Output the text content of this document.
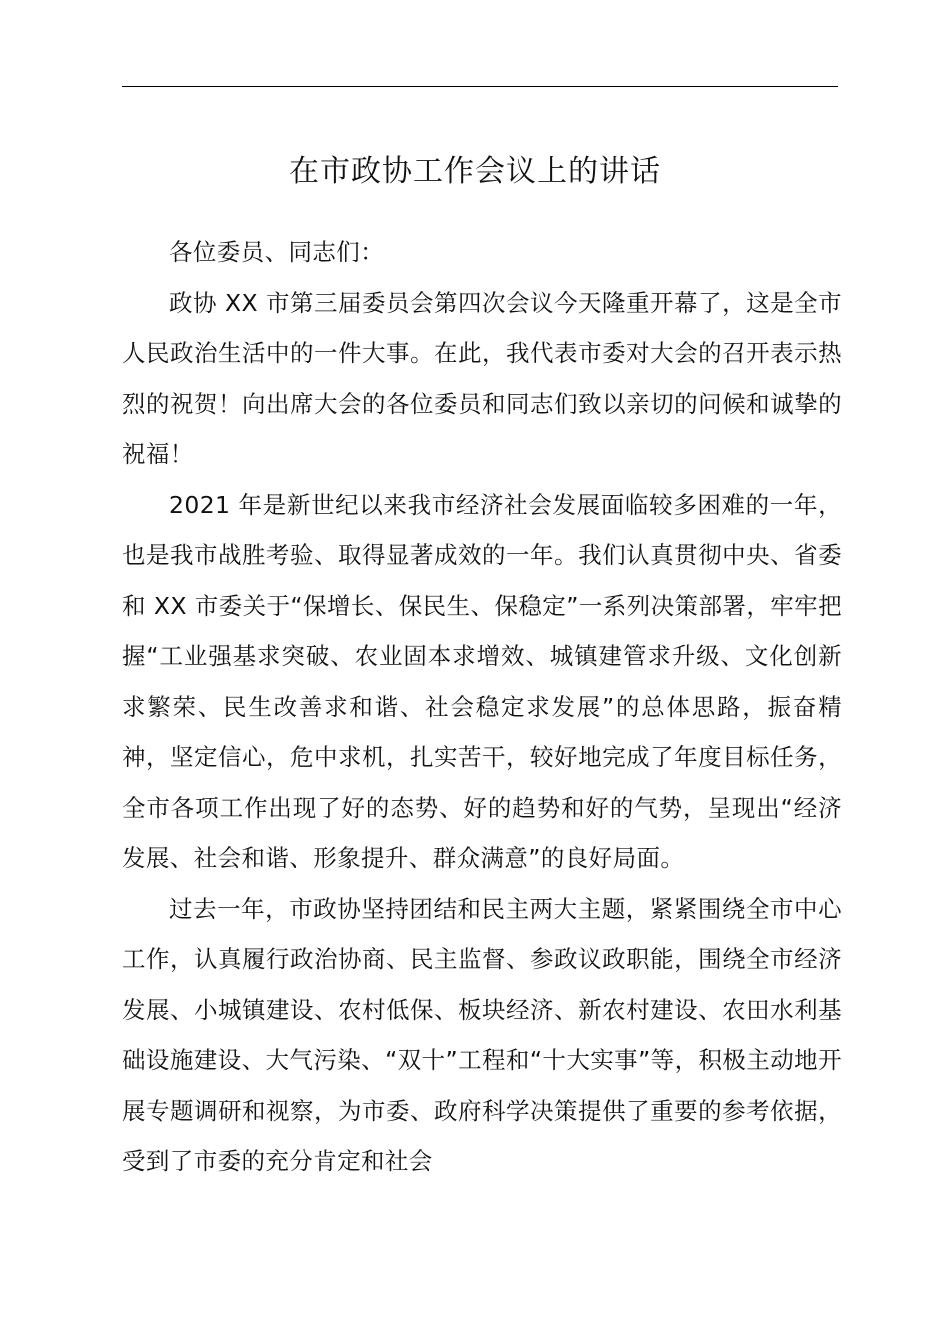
在市政协工作会议上的讲话

各位委员、同志们：

政协 XX 市第三届委员会第四次会议今天隆重开幕了，这是全市人民政治生活中的一件大事。在此，我代表市委对大会的召开表示热烈的祝贺！向出席大会的各位委员和同志们致以亲切的问候和诚挚的祝福！

2021 年是新世纪以来我市经济社会发展面临较多困难的一年，也是我市战胜考验、取得显著成效的一年。我们认真贯彻中央、省委和 XX 市委关于“保增长、保民生、保稳定”一系列决策部署，牢牢把握“工业强基求突破、农业固本求增效、城镇建管求升级、文化创新求繁荣、民生改善求和谐、社会稳定求发展”的总体思路，振奋精神，坚定信心，危中求机，扎实苦干，较好地完成了年度目标任务，全市各项工作出现了好的态势、好的趋势和好的气势，呈现出“经济发展、社会和谐、形象提升、群众满意”的良好局面。

过去一年，市政协坚持团结和民主两大主题，紧紧围绕全市中心工作，认真履行政治协商、民主监督、参政议政职能，围绕全市经济发展、小城镇建设、农村低保、板块经济、新农村建设、农田水利基础设施建设、大气污染、“双十”工程和“十大实事”等，积极主动地开展专题调研和视察，为市委、政府科学决策提供了重要的参考依据，受到了市委的充分肯定和社会
